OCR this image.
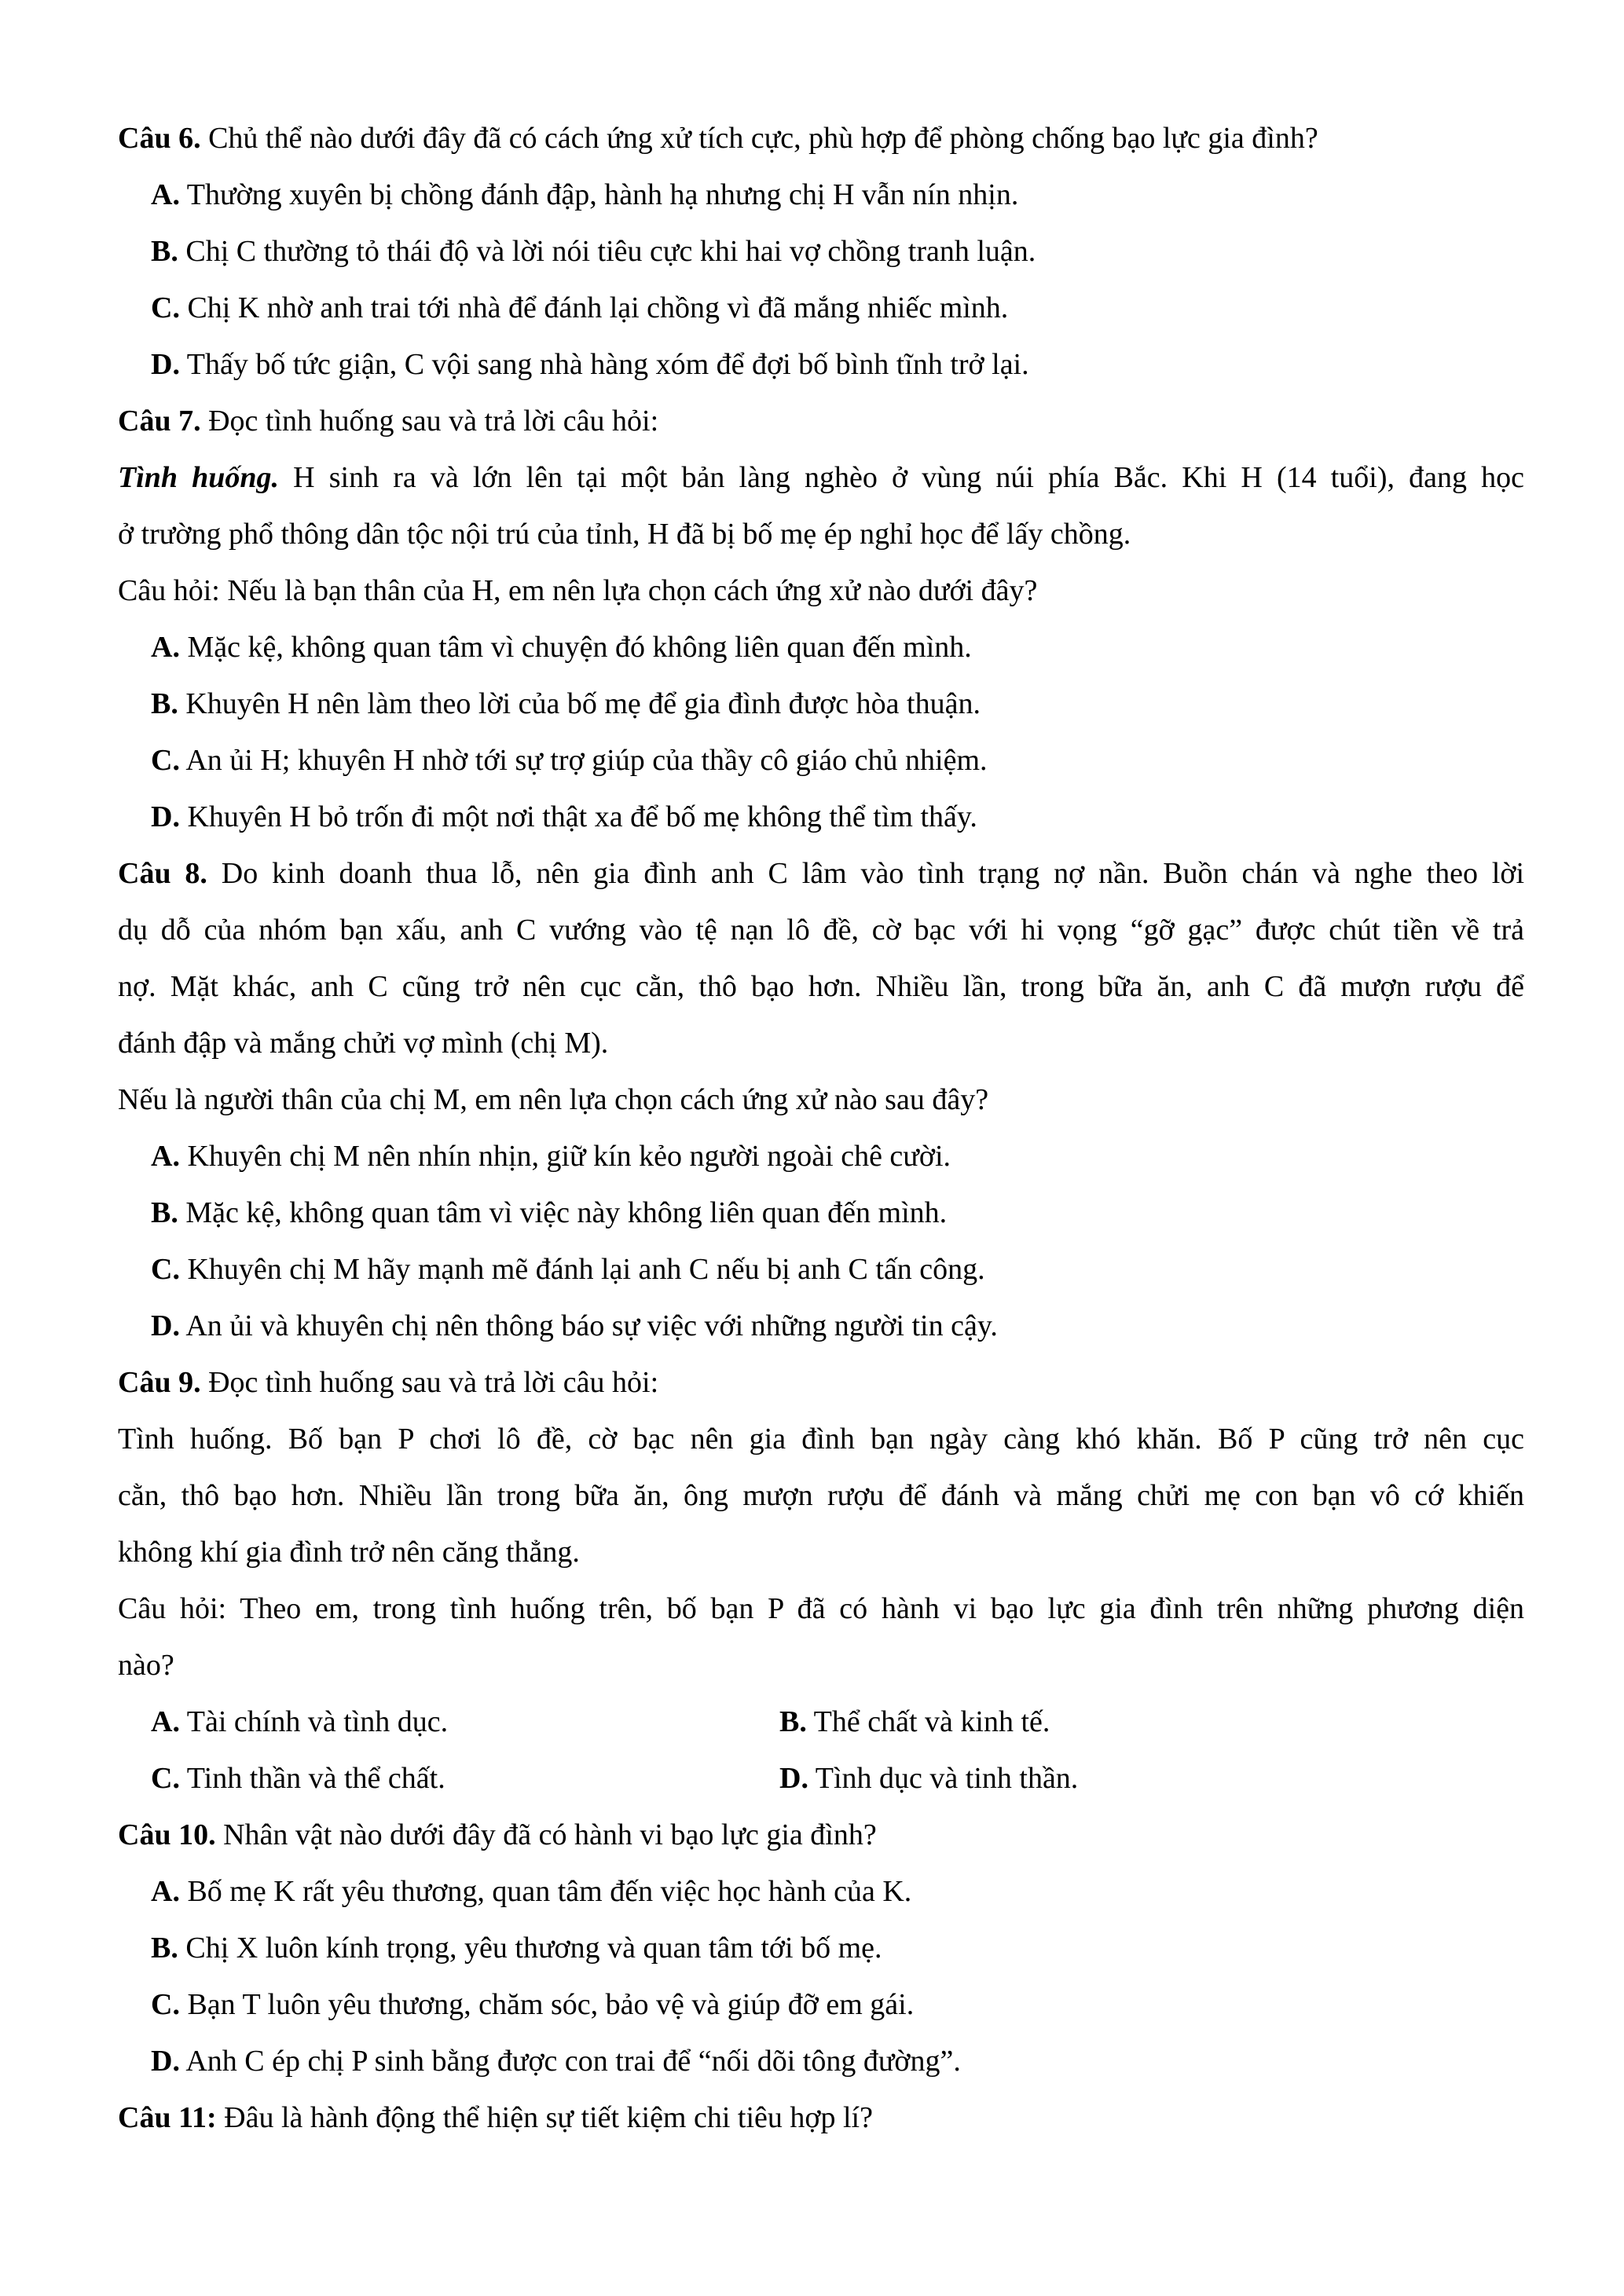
Câu 6. Chủ thể nào dưới đây đã có cách ứng xử tích cực, phù hợp để phòng chống bạo lực gia đình?
A. Thường xuyên bị chồng đánh đập, hành hạ nhưng chị H vẫn nín nhịn.
B. Chị C thường tỏ thái độ và lời nói tiêu cực khi hai vợ chồng tranh luận.
C. Chị K nhờ anh trai tới nhà để đánh lại chồng vì đã mắng nhiếc mình.
D. Thấy bố tức giận, C vội sang nhà hàng xóm để đợi bố bình tĩnh trở lại.
Câu 7. Đọc tình huống sau và trả lời câu hỏi:
Tình huống. H sinh ra và lớn lên tại một bản làng nghèo ở vùng núi phía Bắc. Khi H (14 tuổi), đang học
ở trường phổ thông dân tộc nội trú của tỉnh, H đã bị bố mẹ ép nghỉ học để lấy chồng.
Câu hỏi: Nếu là bạn thân của H, em nên lựa chọn cách ứng xử nào dưới đây?
A. Mặc kệ, không quan tâm vì chuyện đó không liên quan đến mình.
B. Khuyên H nên làm theo lời của bố mẹ để gia đình được hòa thuận.
C. An ủi H; khuyên H nhờ tới sự trợ giúp của thầy cô giáo chủ nhiệm.
D. Khuyên H bỏ trốn đi một nơi thật xa để bố mẹ không thể tìm thấy.
Câu 8. Do kinh doanh thua lỗ, nên gia đình anh C lâm vào tình trạng nợ nần. Buồn chán và nghe theo lời
dụ dỗ của nhóm bạn xấu, anh C vướng vào tệ nạn lô đề, cờ bạc với hi vọng “gỡ gạc” được chút tiền về trả
nợ. Mặt khác, anh C cũng trở nên cục cằn, thô bạo hơn. Nhiều lần, trong bữa ăn, anh C đã mượn rượu để
đánh đập và mắng chửi vợ mình (chị M).
Nếu là người thân của chị M, em nên lựa chọn cách ứng xử nào sau đây?
A. Khuyên chị M nên nhín nhịn, giữ kín kẻo người ngoài chê cười.
B. Mặc kệ, không quan tâm vì việc này không liên quan đến mình.
C. Khuyên chị M hãy mạnh mẽ đánh lại anh C nếu bị anh C tấn công.
D. An ủi và khuyên chị nên thông báo sự việc với những người tin cậy.
Câu 9. Đọc tình huống sau và trả lời câu hỏi:
Tình huống. Bố bạn P chơi lô đề, cờ bạc nên gia đình bạn ngày càng khó khăn. Bố P cũng trở nên cục
cằn, thô bạo hơn. Nhiều lần trong bữa ăn, ông mượn rượu để đánh và mắng chửi mẹ con bạn vô cớ khiến
không khí gia đình trở nên căng thẳng.
Câu hỏi: Theo em, trong tình huống trên, bố bạn P đã có hành vi bạo lực gia đình trên những phương diện
nào?
A. Tài chính và tình dục.	B. Thể chất và kinh tế.
C. Tinh thần và thể chất.	D. Tình dục và tinh thần.
Câu 10. Nhân vật nào dưới đây đã có hành vi bạo lực gia đình?
A. Bố mẹ K rất yêu thương, quan tâm đến việc học hành của K.
B. Chị X luôn kính trọng, yêu thương và quan tâm tới bố mẹ.
C. Bạn T luôn yêu thương, chăm sóc, bảo vệ và giúp đỡ em gái.
D. Anh C ép chị P sinh bằng được con trai để “nối dõi tông đường”.
Câu 11: Đâu là hành động thể hiện sự tiết kiệm chi tiêu hợp lí?
